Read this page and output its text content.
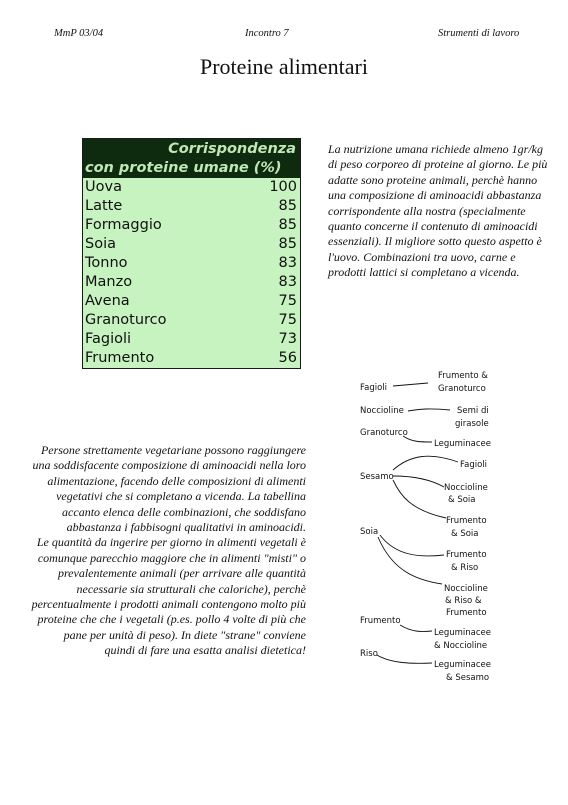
MmP 03/04	Incontro 7	Strumenti di lavoro
Proteine alimentari
Corrispondenza
con proteine umane (%)
Uova	100
Latte	85
Formaggio	85
Soia	85
Tonno	83
Manzo	83
Avena	75
Granoturco	75
Fagioli	73
Frumento	56
La nutrizione umana richiede almeno 1gr/kg di peso corporeo di proteine al giorno. Le più adatte sono proteine animali, perchè hanno una composizione di aminoacidi abbastanza corrispondente alla nostra (specialmente quanto concerne il contenuto di aminoacidi essenziali). Il migliore sotto questo aspetto è l'uovo. Combinazioni tra uovo, carne e prodotti lattici si completano a vicenda.
Persone strettamente vegetariane possono raggiungere una soddisfacente composizione di aminoacidi nella loro alimentazione, facendo delle composizioni di alimenti vegetativi che si completano a vicenda. La tabellina accanto elenca delle combinazioni, che soddisfano abbastanza i fabbisogni qualitativi in aminoacidi.
Le quantità da ingerire per giorno in alimenti vegetali è comunque parecchio maggiore che in alimenti "misti" o prevalentemente animali (per arrivare alle quantità necessarie sia strutturali che caloriche), perchè percentualmente i prodotti animali contengono molto più proteine che che i vegetali (p.es. pollo 4 volte di più che pane per unità di peso). In diete "strane" conviene quindi di fare una esatta analisi dietetica!
Fagioli
Frumento &
Granoturco
Noccioline	Semi di
girasole
Granoturco
Leguminacee
Sesamo
Fagioli
Noccioline
& Soia
Frumento
& Soia
Soia
Frumento
& Riso
Noccioline
& Riso &
Frumento
Frumento
Leguminacee
& Noccioline
Riso
Leguminacee
& Sesamo
